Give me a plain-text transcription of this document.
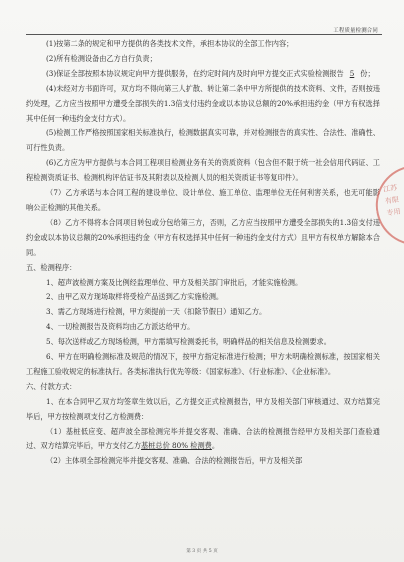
工程质量检测合同

(1)按第二条的规定和甲方提供的各类技术文件，承担本协议的全部工作内容；

(2)所有检测设备由乙方自行负责；

(3)保证全部按照本协议规定向甲方提供服务，在约定时间内及时向甲方提交正式实验检测报告 5 份；

(4)未经对方书面许可，双方均不得向第三人扩散、转让第二条中甲方所提供的技术资料、文件，否则按违约处理，乙方应当按照甲方遭受全部损失的1.3倍支付违约金或以本协议总额的20%承担违约金（甲方有权选择其中任何一种违约金支付方式）。

(5)检测工作严格按照国家相关标准执行，检测数据真实可靠，并对检测报告的真实性、合法性、准确性、可行性负责。

(6)乙方应为甲方提供与本合同工程项目检测业务有关的资质资料（包含但不限于统一社会信用代码证、工程检测资质证书、检测机构评估证书及其附表以及检测人员的相关资质证书等复印件）。

（7）乙方承诺与本合同工程的建设单位、设计单位、施工单位、监理单位无任何利害关系，也无可能影响公正检测的其他关系。

（8）乙方不得将本合同项目转包或分包给第三方，否则，乙方应当按照甲方遭受全部损失的1.3倍支付违约金或以本协议总额的20%承担违约金（甲方有权选择其中任何一种违约金支付方式）且甲方有权单方解除本合同。

五、检测程序：

1、超声波检测方案及比例经监理单位、甲方及相关部门审批后，才能实施检测。

2、由甲乙双方现场取样将受检产品送到乙方实施检测。

3、需乙方现场进行检测，甲方须提前一天（扣除节假日）通知乙方。

4、一切检测报告及资料均由乙方派达给甲方。

5、每次送样或乙方现场检测，甲方需填写检测委托书，明确样品的相关信息及检测要求。

6、甲方在明确检测标准及规范的情况下，按甲方指定标准进行检测；甲方未明确检测标准，按国家相关工程施工验收规定的标准执行。各类标准执行优先等级：《国家标准》、《行业标准》、《企业标准》。

六、付款方式：

1、在本合同甲乙双方均签章生效以后，乙方提交正式检测报告，甲方及相关部门审核通过、双方结算完毕后，甲方按检测项支付乙方检测费：

（1）基桩低应变、超声波全部检测完毕并提交客观、准确、合法的检测报告经甲方及相关部门查验通过、双方结算完毕后，甲方支付乙方基桩总价 80% 检测费。

（2）主体项全部检测完毕并提交客观、准确、合法的检测报告后，甲方及相关部

江苏
有限
专用
第 3 页 共 5 页
